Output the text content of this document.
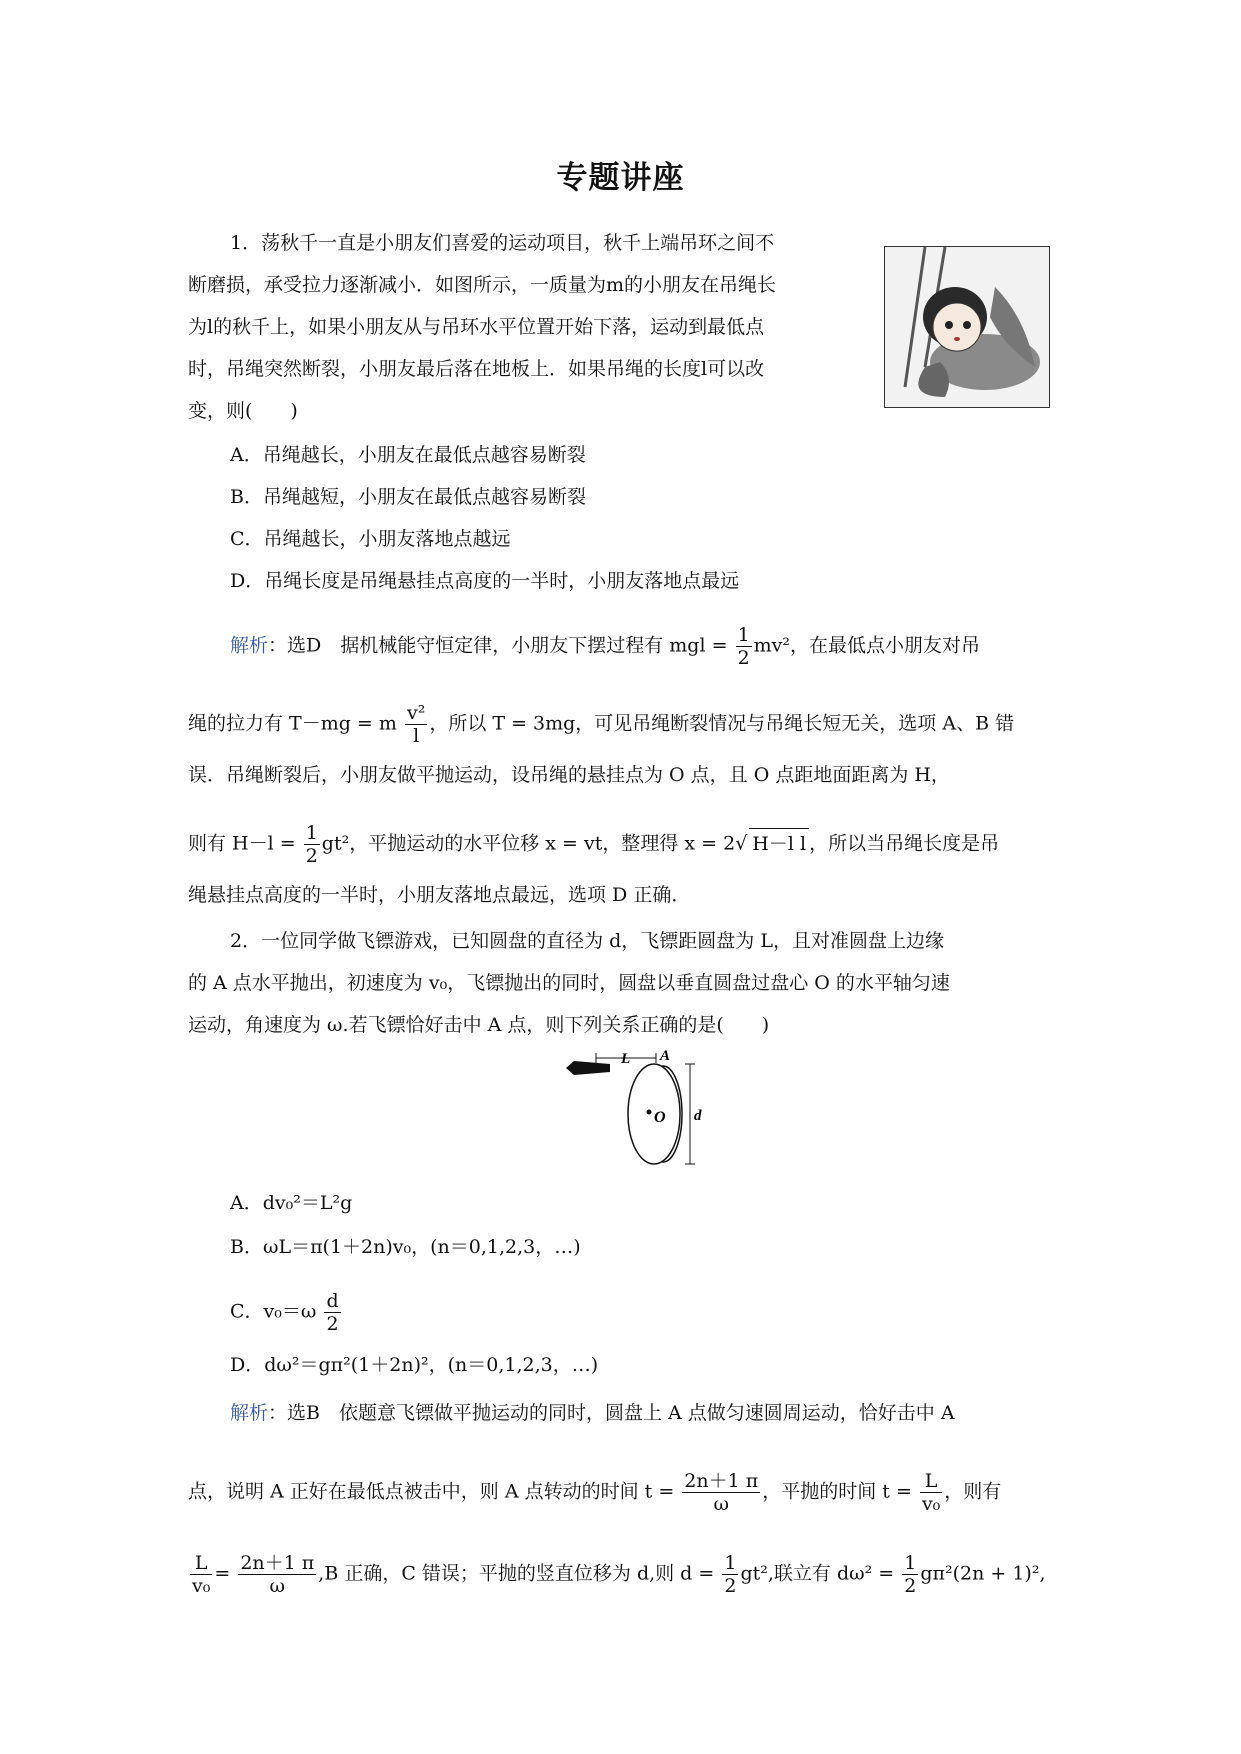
专题讲座
1．荡秋千一直是小朋友们喜爱的运动项目，秋千上端吊环之间不
断磨损，承受拉力逐渐减小．如图所示，一质量为m的小朋友在吊绳长
为l的秋千上，如果小朋友从与吊环水平位置开始下落，运动到最低点
时，吊绳突然断裂，小朋友最后落在地板上．如果吊绳的长度l可以改
变，则(　　)
A．吊绳越长，小朋友在最低点越容易断裂
B．吊绳越短，小朋友在最低点越容易断裂
C．吊绳越长，小朋友落地点越远
D．吊绳长度是吊绳悬挂点高度的一半时，小朋友落地点最远
解析：选D　据机械能守恒定律，小朋友下摆过程有 mgl = $\frac{1}{2} mv^2$，在最低点小朋友对吊
绳的拉力有 T－mg = m $\frac{\text{v²}}{l}$ ，所以 T = 3mg，可见吊绳断裂情况与吊绳长短无关，选项 A、B 错
误．吊绳断裂后，小朋友做平抛运动，设吊绳的悬挂点为 O 点，且 O 点距地面距离为 H，
则有 $H-l = \frac{1}{2} gt^2$，平抛运动的水平位移 x = vt，整理得 x = 2√ H－l l ，所以当吊绳长度是吊
绳悬挂点高度的一半时，小朋友落地点最远，选项 D 正确．
2．一位同学做飞镖游戏，已知圆盘的直径为 d，飞镖距圆盘为 L，且对准圆盘上边缘
的 A 点水平抛出，初速度为 v₀，飞镖抛出的同时，圆盘以垂直圆盘过盘心 O 的水平轴匀速
运动，角速度为 ω.若飞镖恰好击中 A 点，则下列关系正确的是(　　)
L A
O d
A．dv₀²＝L²g
B．ωL＝π(1＋2n)v₀，(n＝0,1,2,3，…)
C．$v_0=\omega \frac{d}{2}$
D．dω²＝gπ²(1＋2n)²，(n＝0,1,2,3，…)
解析：选B　依题意飞镖做平抛运动的同时，圆盘上 A 点做匀速圆周运动，恰好击中 A
点，说明 A 正好在最低点被击中，则 A 点转动的时间 $t = \frac{2n+1 \pi}{\omega}$ ，平抛的时间 $t = \frac{L}{\text{v₀}}$ ，则有
$\frac{L}{\text{v₀}} = \frac{2n+1 \pi}{\omega} ,B$ 正确，C 错误；平抛的竖直位移为 d,则 $d = \frac{1}{2} gt^2$,联立有 $d\omega^2 = \frac{1}{2} g\pi^2(2n + 1)^2$,
